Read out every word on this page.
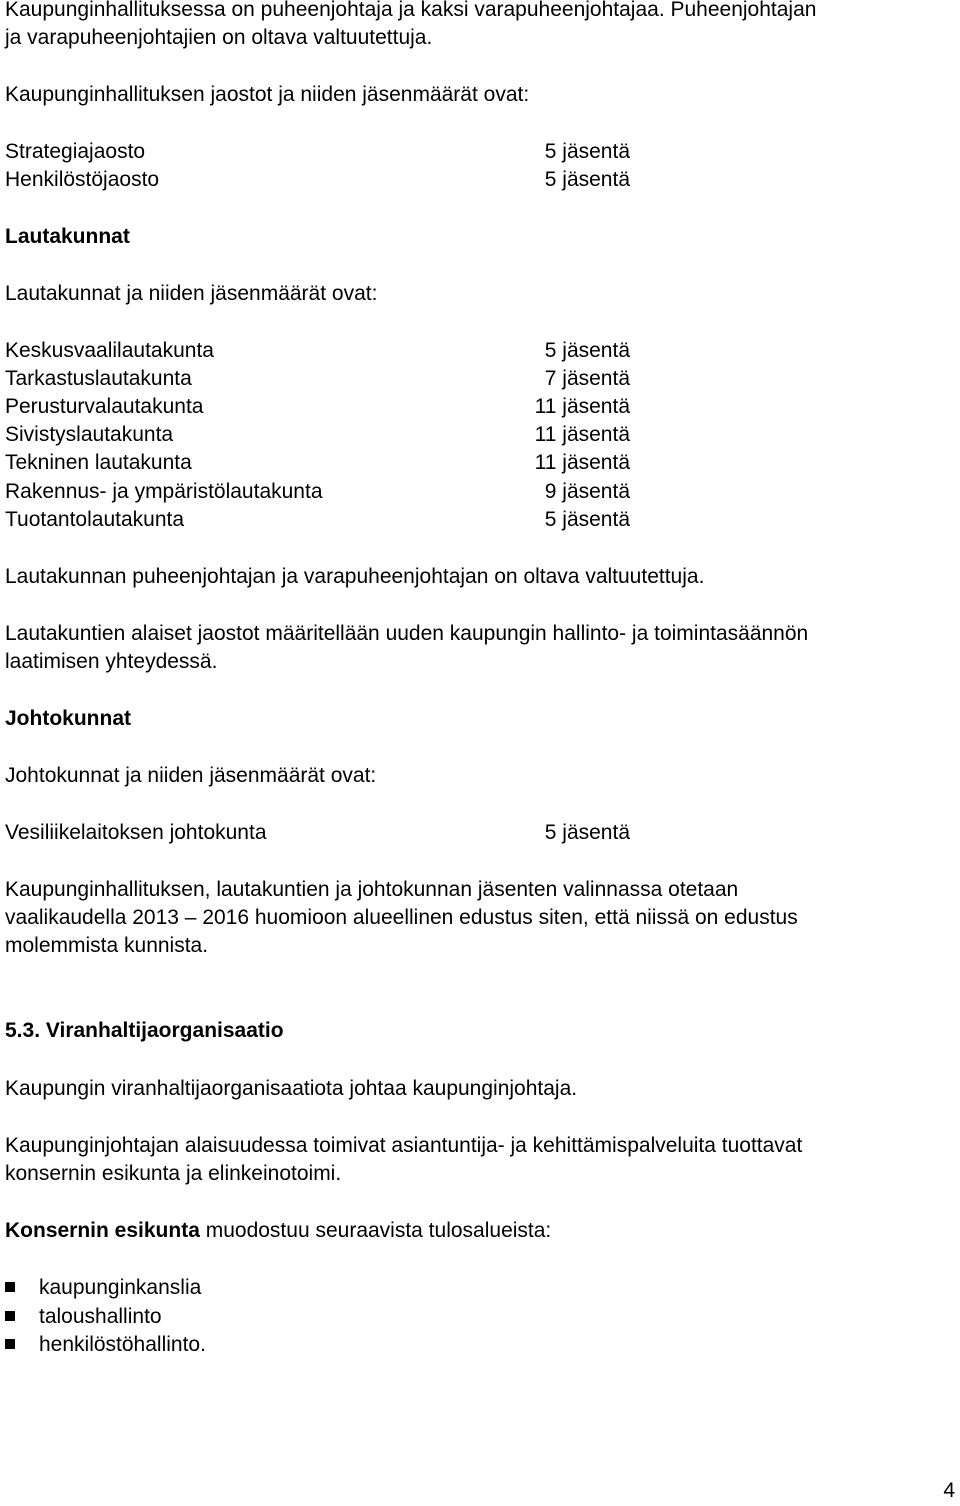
Kaupunginhallituksessa on puheenjohtaja ja kaksi varapuheenjohtajaa. Puheenjohtajan
ja varapuheenjohtajien on oltava valtuutettuja.
Kaupunginhallituksen jaostot ja niiden jäsenmäärät ovat:
Strategiajaosto	5 jäsentä
Henkilöstöjaosto	5 jäsentä
Lautakunnat
Lautakunnat ja niiden jäsenmäärät ovat:
Keskusvaalilautakunta	5 jäsentä
Tarkastuslautakunta	7 jäsentä
Perusturvalautakunta	11 jäsentä
Sivistyslautakunta	11 jäsentä
Tekninen lautakunta	11 jäsentä
Rakennus- ja ympäristölautakunta	9 jäsentä
Tuotantolautakunta	5 jäsentä
Lautakunnan puheenjohtajan ja varapuheenjohtajan on oltava valtuutettuja.
Lautakuntien alaiset jaostot määritellään uuden kaupungin hallinto- ja toimintasäännön
laatimisen yhteydessä.
Johtokunnat
Johtokunnat ja niiden jäsenmäärät ovat:
Vesiliikelaitoksen johtokunta	5 jäsentä
Kaupunginhallituksen, lautakuntien ja johtokunnan jäsenten valinnassa otetaan
vaalikaudella 2013 – 2016 huomioon alueellinen edustus siten, että niissä on edustus
molemmista kunnista.
5.3. Viranhaltijaorganisaatio
Kaupungin viranhaltijaorganisaatiota johtaa kaupunginjohtaja.
Kaupunginjohtajan alaisuudessa toimivat asiantuntija- ja kehittämispalveluita tuottavat
konsernin esikunta ja elinkeinotoimi.
Konsernin esikunta muodostuu seuraavista tulosalueista:
kaupunginkanslia
taloushallinto
henkilöstöhallinto.
4
